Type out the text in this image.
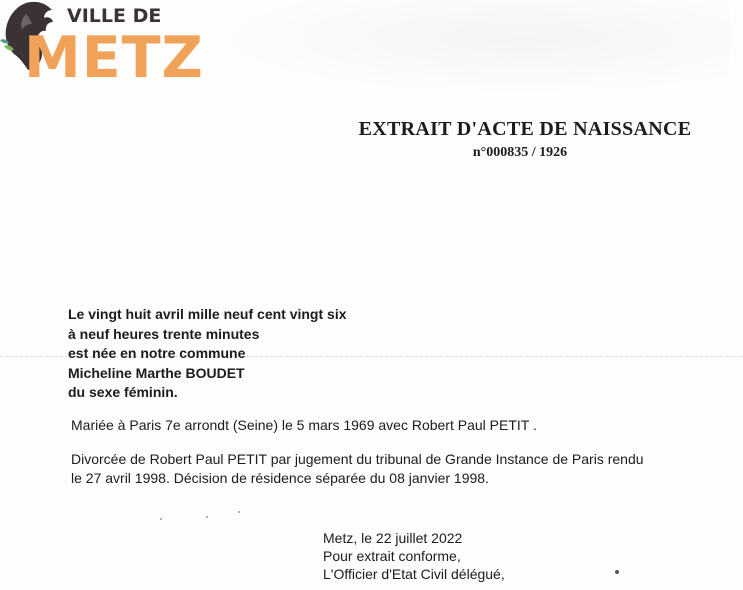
VILLE DE
METZ
EXTRAIT D'ACTE DE NAISSANCE
n°000835 / 1926
Le vingt huit avril mille neuf cent vingt six
à neuf heures trente minutes
est née en notre commune
Micheline Marthe BOUDET
du sexe féminin.
Mariée à Paris 7e arrondt (Seine) le 5 mars 1969 avec Robert Paul PETIT .
Divorcée de Robert Paul PETIT par jugement du tribunal de Grande Instance de Paris rendu
le 27 avril 1998. Décision de résidence séparée du 08 janvier 1998.
Metz, le 22 juillet 2022
Pour extrait conforme,
L'Officier d'Etat Civil délégué,
